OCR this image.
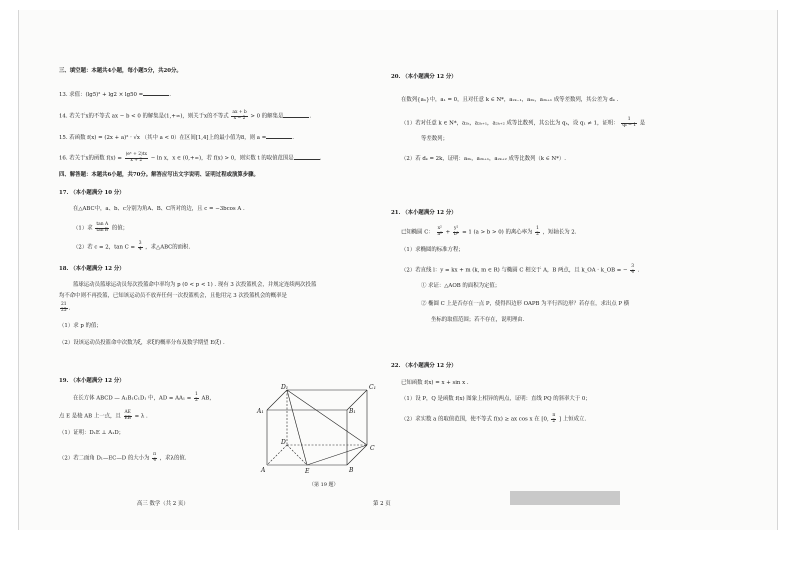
三、填空题：本题共4小题，每小题5分，共20分。
13. 求值：(lg5)² + lg2 × lg50 =	.
14. 若关于x的不等式 ax − b < 0 的解集是(1,+∞)，则关于x的不等式 $\frac{ax + b}{x - 2} > 0$ 的解集是	.
15. 若函数 f(x) = (2x + a)² · √x （其中 a < 0）在区间[1,4]上的最小值为8，则 a =	.
16. 若关于x的函数 $f(x) = \frac{\text{(eˣ + 2)tx}}{x + 2} - \ln x$，x ∈ (0,+∞)，若 f(x) > 0，则实数 t 的取值范围是	.
四、解答题：本题共6小题，共70分。解答应写出文字说明、证明过程或演算步骤。
17. （本小题满分 10 分）
在△ABC中，a、b、c分别为角A、B、C所对的边，且 c = −3bcos A .
（1）求 $\frac{\text{tan A}}{\text{tan B}}$ 的值；
（2）若 c = 2，$\tan C = \frac{3}{4}$ ，求△ABC的面积.
18. （本小题满分 12 分）
篮球运动员篮球运动员每次投篮命中率均为 p (0 < p < 1) . 现有 3 次投篮机会，并规定连续两次投篮
均不命中则不再投篮，已知该运动员不放弃任何一次投篮机会，且他用完 3 次投篮机会的概率是
$\frac{21}{25}$ .
（1）求 p 的值；
（2）设该运动员投篮命中次数为ξ，求ξ的概率分布及数学期望 E(ξ) .
19. （本小题满分 12 分）
在长方体 ABCD — A₁B₁C₁D₁ 中，AD = $AA_1 = \frac{1}{2}$ AB，
点 E 是棱 AB 上一点，且 $\frac{AE}{EB} = \lambda$ .
（1）证明：D₁E ⊥ A₁D；
（2）若二面角 D₁—EC—D 的大小为 $\frac{\pi}{4}$ ，求λ的值.
D₁	C₁
A₁	B₁
D
C
A	B
E
（第 19 题）
高三 数学（共 2 页）
20. （本小题满分 12 分）
在数列{aₙ}中，a₁ = 0，且对任意 k ∈ N*，a₂ₖ₋₁，a₂ₖ，a₂ₖ₊₁ 成等差数列，其公差为 dₖ .
（1）若对任意 k ∈ N*，a₂ₖ，a₂ₖ₊₁，a₂ₖ₊₂ 成等比数列，其公比为 qₖ，设 q₁ ≠ 1，证明： $\frac{1}{\text{qₖ − 1}}$ 是
等差数列；
（2）若 dₖ = 2k，证明：a₂ₖ，a₂ₖ₊₁，a₂ₖ₊₂ 成等比数列（k ∈ N*）.
21. （本小题满分 12 分）
已知椭圆 C： $\frac{\text{x²}}{\text{a²}} + \frac{\text{y²}}{\text{b²}} = 1$ (a > b > 0) 的离心率为 $\frac{1}{2}$ ，短轴长为 2.
（1）求椭圆的标准方程；
（2）若直线 l：y = kx + m (k, m ∈ R) 与椭圆 C 相交于 A，B 两点，且 k_OA · k_OB = − $\frac{3}{4}$ .
① 求证：△AOB 的面积为定值；
② 椭圆 C 上是否存在一点 P，使得四边形 OAPB 为平行四边形？若存在，求出点 P 横
坐标的取值范围；若不存在，说明理由.
22. （本小题满分 12 分）
已知函数 f(x) = x + sin x .
（1）设 P，Q 是函数 f(x) 图象上相异的两点，证明：直线 PQ 的斜率大于 0；
（2）求实数 a 的取值范围，使不等式 f(x) ≥ ax cos x 在 [0, $\frac{\pi}{2}$ ] 上恒成立.
第 2 页
